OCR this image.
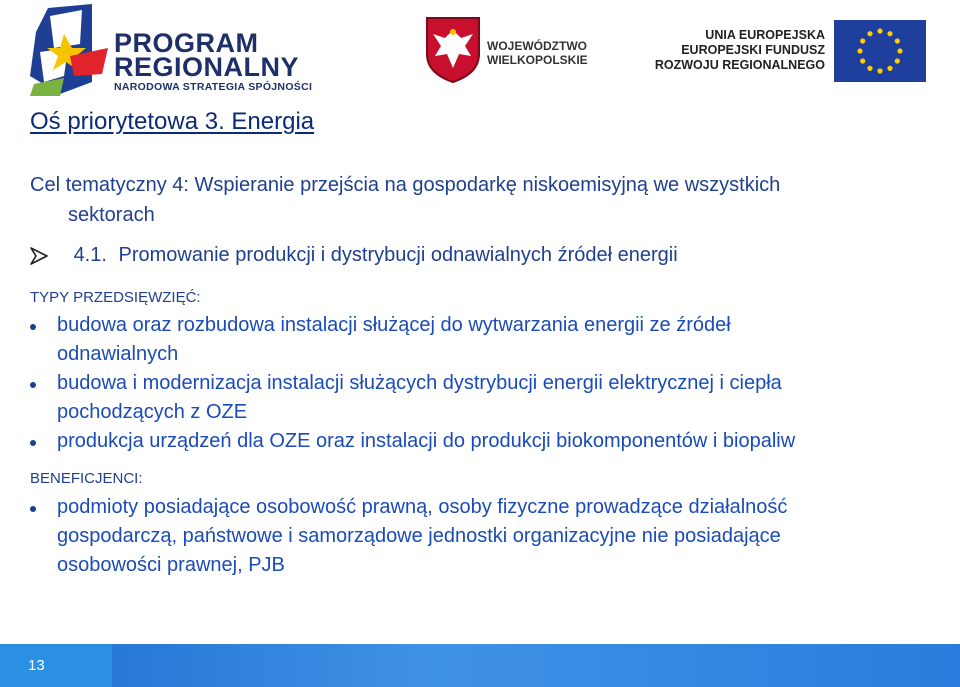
PROGRAM
REGIONALNY
NARODOWA STRATEGIA SPÓJNOŚCI
WOJEWÓDZTWO
WIELKOPOLSKIE
UNIA EUROPEJSKA
EUROPEJSKI FUNDUSZ
ROZWOJU REGIONALNEGO
Oś priorytetowa 3. Energia
Cel tematyczny 4: Wspieranie przejścia na gospodarkę niskoemisyjną we wszystkich
sektorach
4.1. Promowanie produkcji i dystrybucji odnawialnych źródeł energii
TYPY PRZEDSIĘWZIĘĆ:
budowa oraz rozbudowa instalacji służącej do wytwarzania energii ze źródeł
odnawialnych
budowa i modernizacja instalacji służących dystrybucji energii elektrycznej i ciepła
pochodzących z OZE
produkcja urządzeń dla OZE oraz instalacji do produkcji biokomponentów i biopaliw
BENEFICJENCI:
podmioty posiadające osobowość prawną, osoby fizyczne prowadzące działalność
gospodarczą, państwowe i samorządowe jednostki organizacyjne nie posiadające
osobowości prawnej, PJB
13
